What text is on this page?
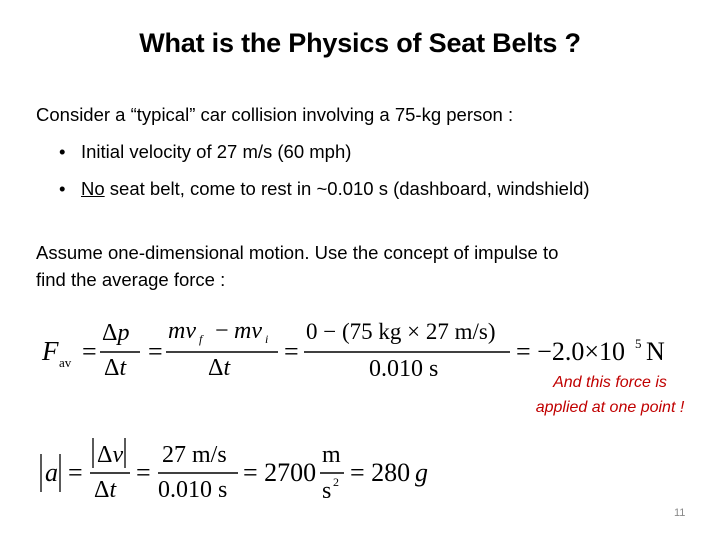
What is the Physics of Seat Belts ?
Consider a “typical” car collision involving a 75-kg person :
• Initial velocity of 27 m/s (60 mph)
• No seat belt, come to rest in ~0.010 s (dashboard, windshield)
Assume one-dimensional motion. Use the concept of impulse to
find the average force :
F av =
Δp
Δt
=
mv f − mv i
Δt
=
0 − (75 kg × 27 m/s)
0.010 s
= −2.0×10 5 N
And this force is
applied at one point !
a =
Δv
Δt
=
27 m/s
0.010 s
= 2700
m
s 2 = 280 g
11
